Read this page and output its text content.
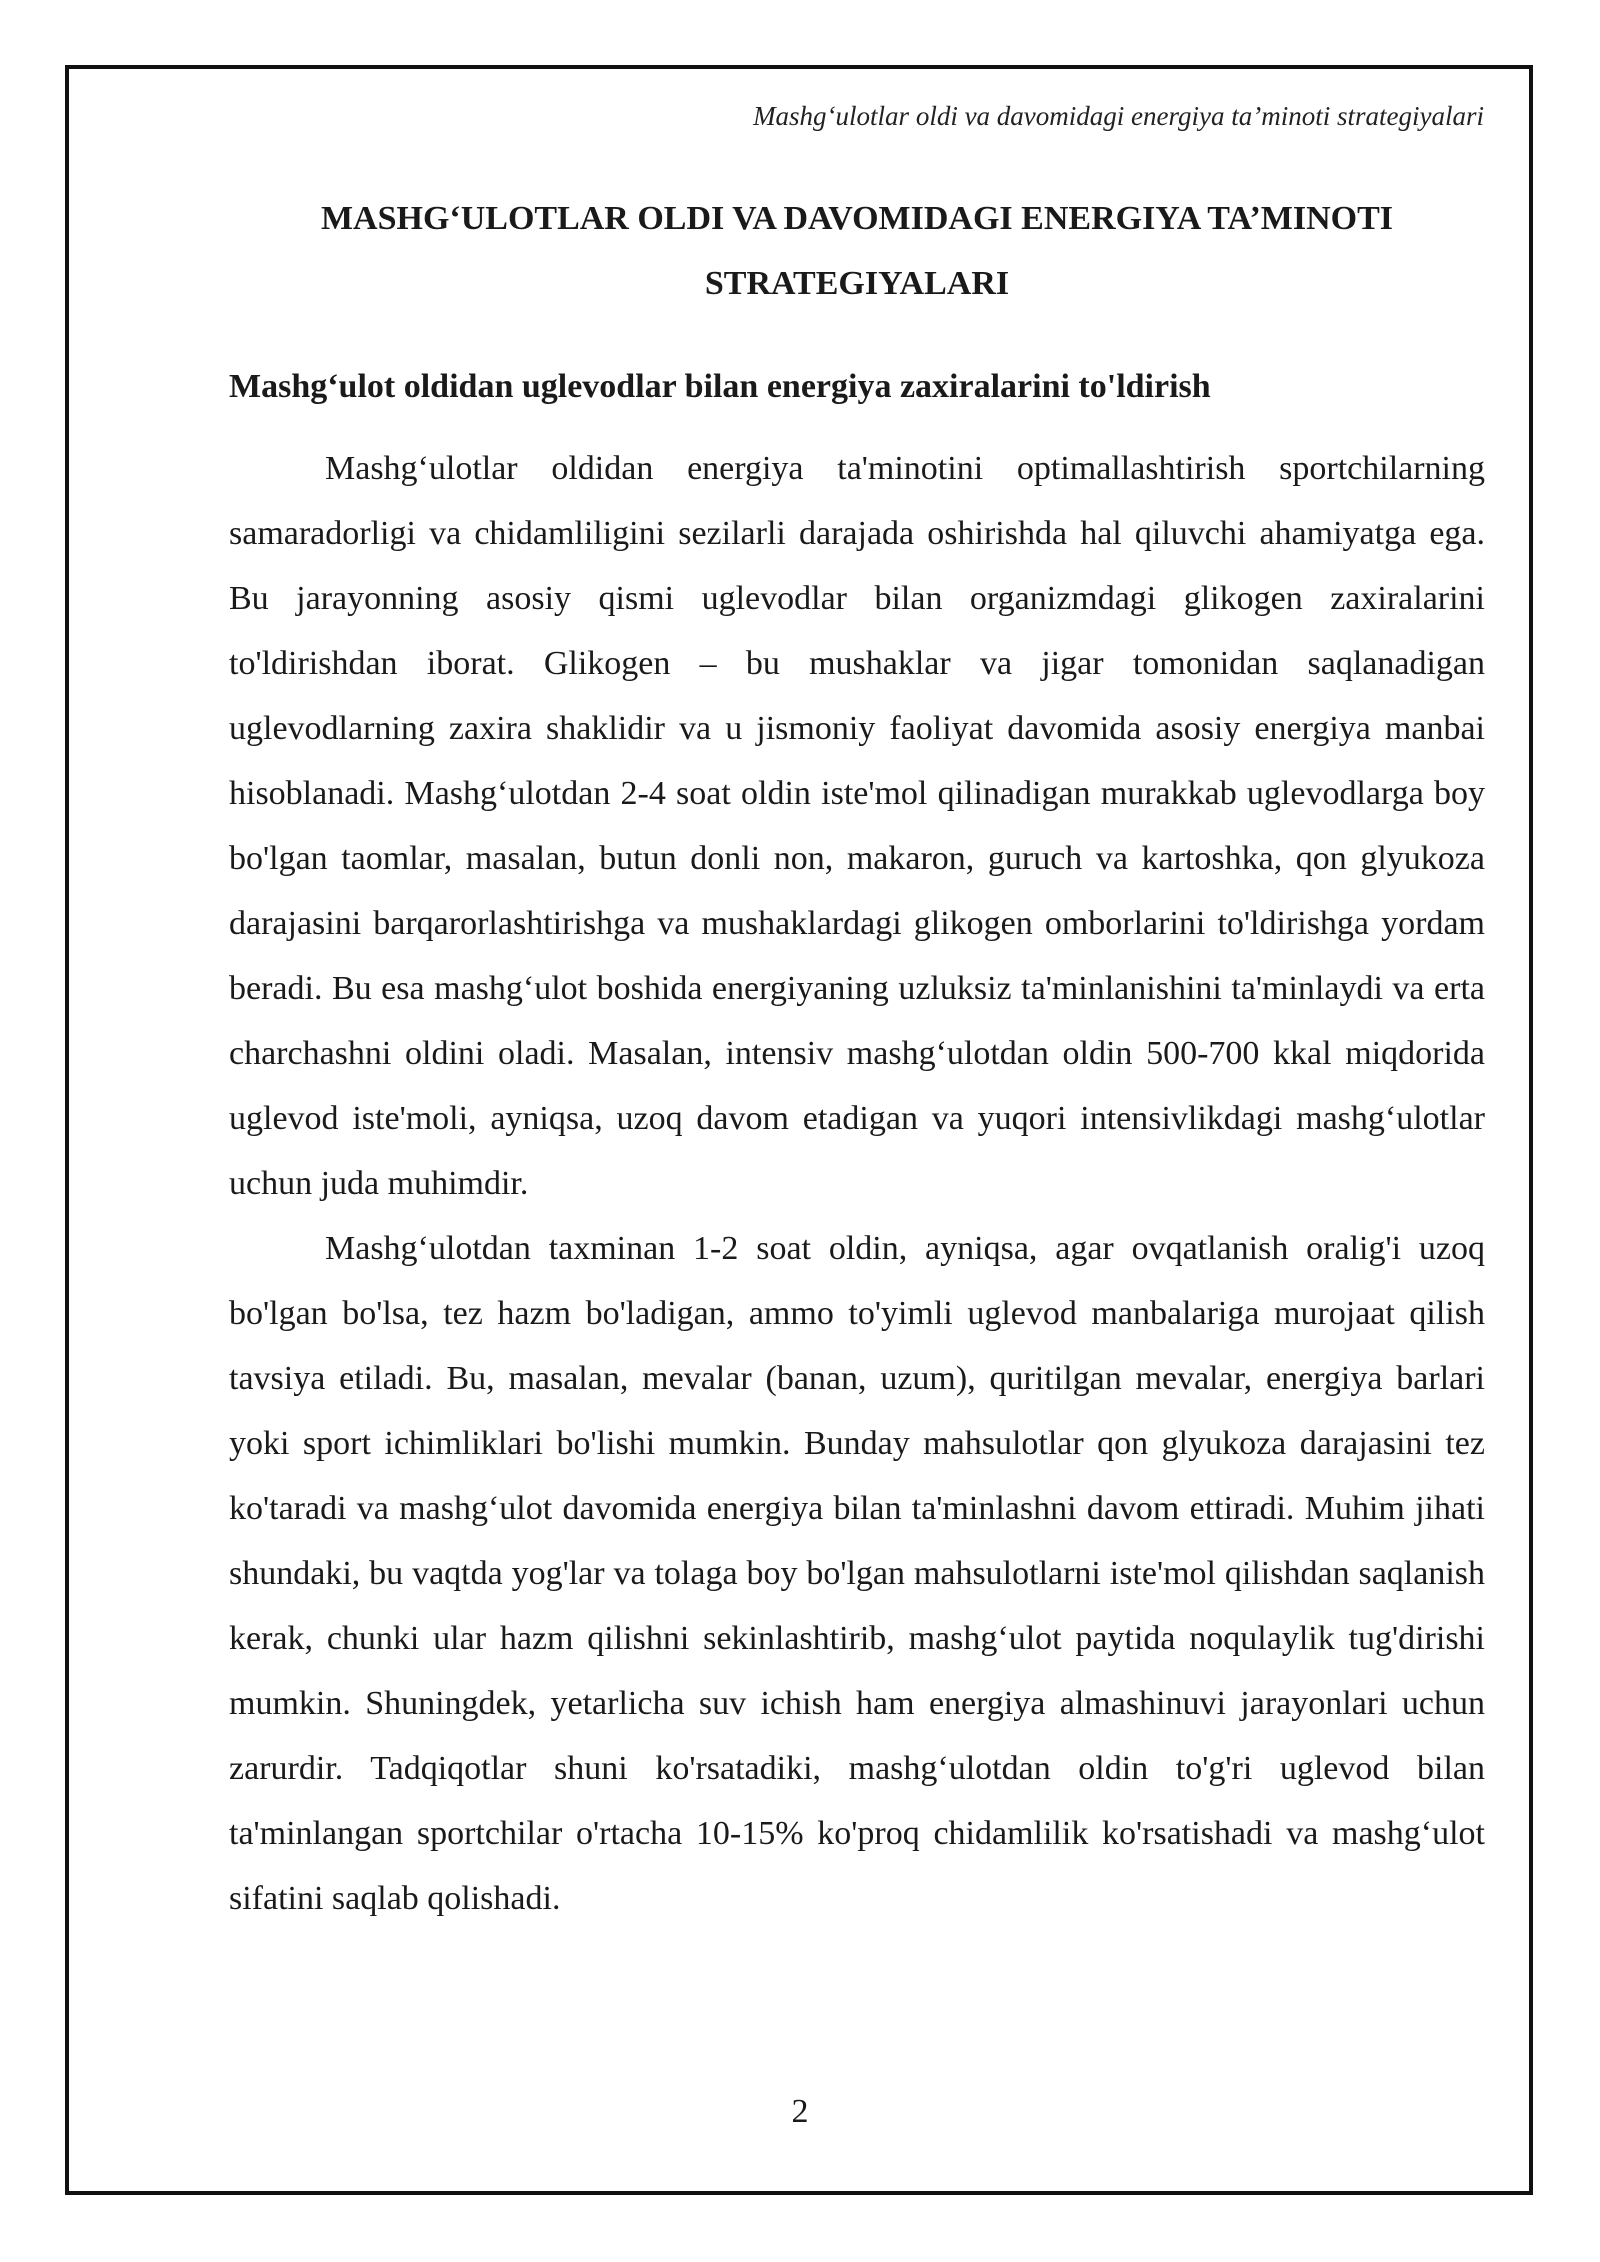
Mashg‘ulotlar oldi va davomidagi energiya ta’minoti strategiyalari
MASHG‘ULOTLAR OLDI VA DAVOMIDAGI ENERGIYA TA’MINOTI STRATEGIYALARI
Mashg‘ulot oldidan uglevodlar bilan energiya zaxiralarini to'ldirish

Mashg‘ulotlar oldidan energiya ta'minotini optimallashtirish sportchilarning samaradorligi va chidamliligini sezilarli darajada oshirishda hal qiluvchi ahamiyatga ega. Bu jarayonning asosiy qismi uglevodlar bilan organizmdagi glikogen zaxiralarini to'ldirishdan iborat. Glikogen – bu mushaklar va jigar tomonidan saqlanadigan uglevodlarning zaxira shaklidir va u jismoniy faoliyat davomida asosiy energiya manbai hisoblanadi. Mashg‘ulotdan 2-4 soat oldin iste'mol qilinadigan murakkab uglevodlarga boy bo'lgan taomlar, masalan, butun donli non, makaron, guruch va kartoshka, qon glyukoza darajasini barqarorlashtirishga va mushaklardagi glikogen omborlarini to'ldirishga yordam beradi. Bu esa mashg‘ulot boshida energiyaning uzluksiz ta'minlanishini ta'minlaydi va erta charchashni oldini oladi. Masalan, intensiv mashg‘ulotdan oldin 500-700 kkal miqdorida uglevod iste'moli, ayniqsa, uzoq davom etadigan va yuqori intensivlikdagi mashg‘ulotlar uchun juda muhimdir.

Mashg‘ulotdan taxminan 1-2 soat oldin, ayniqsa, agar ovqatlanish oralig'i uzoq bo'lgan bo'lsa, tez hazm bo'ladigan, ammo to'yimli uglevod manbalariga murojaat qilish tavsiya etiladi. Bu, masalan, mevalar (banan, uzum), quritilgan mevalar, energiya barlari yoki sport ichimliklari bo'lishi mumkin. Bunday mahsulotlar qon glyukoza darajasini tez ko'taradi va mashg‘ulot davomida energiya bilan ta'minlashni davom ettiradi. Muhim jihati shundaki, bu vaqtda yog'lar va tolaga boy bo'lgan mahsulotlarni iste'mol qilishdan saqlanish kerak, chunki ular hazm qilishni sekinlashtirib, mashg‘ulot paytida noqulaylik tug'dirishi mumkin. Shuningdek, yetarlicha suv ichish ham energiya almashinuvi jarayonlari uchun zarurdir. Tadqiqotlar shuni ko'rsatadiki, mashg‘ulotdan oldin to'g'ri uglevod bilan ta'minlangan sportchilar o'rtacha 10-15% ko'proq chidamlilik ko'rsatishadi va mashg‘ulot sifatini saqlab qolishadi.

2
